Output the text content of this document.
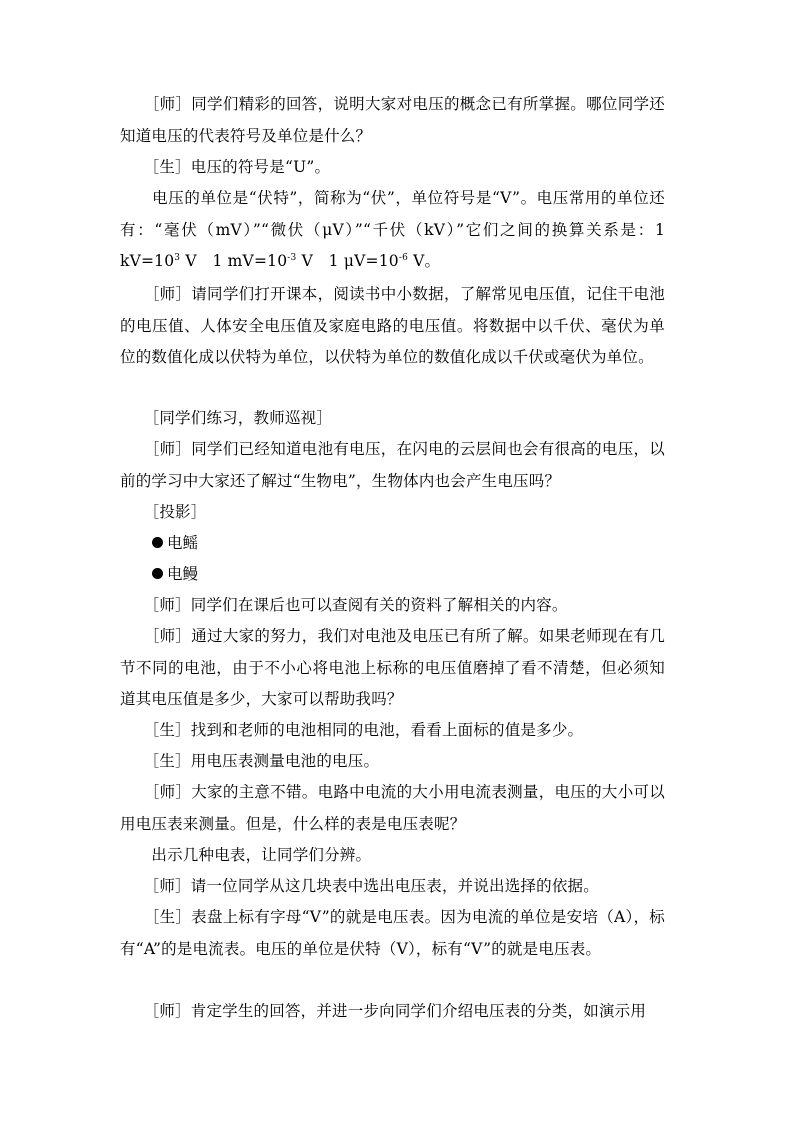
　　［师］同学们精彩的回答，说明大家对电压的概念已有所掌握。哪位同学还知道电压的代表符号及单位是什么？

　　［生］电压的符号是“U”。

　　电压的单位是“伏特”，简称为“伏”，单位符号是“V”。电压常用的单位还有：“毫伏（mV）”“微伏（μV）”“千伏（kV）”它们之间的换算关系是：1 $kV=10^3$ V　1 $mV=10^{-3}$ V　1 $\mu V=10^{-6}$ V。

　　［师］请同学们打开课本，阅读书中小数据，了解常见电压值，记住干电池的电压值、人体安全电压值及家庭电路的电压值。将数据中以千伏、毫伏为单位的数值化成以伏特为单位，以伏特为单位的数值化成以千伏或毫伏为单位。

　　［同学们练习，教师巡视］

　　［师］同学们已经知道电池有电压，在闪电的云层间也会有很高的电压，以前的学习中大家还了解过“生物电”，生物体内也会产生电压吗？

　　［投影］

电鳐
电鳗

　　［师］同学们在课后也可以查阅有关的资料了解相关的内容。

　　［师］通过大家的努力，我们对电池及电压已有所了解。如果老师现在有几节不同的电池，由于不小心将电池上标称的电压值磨掉了看不清楚，但必须知道其电压值是多少，大家可以帮助我吗？

　　［生］找到和老师的电池相同的电池，看看上面标的值是多少。

　　［生］用电压表测量电池的电压。

　　［师］大家的主意不错。电路中电流的大小用电流表测量，电压的大小可以用电压表来测量。但是，什么样的表是电压表呢？

　　出示几种电表，让同学们分辨。

　　［师］请一位同学从这几块表中选出电压表，并说出选择的依据。

　　［生］表盘上标有字母“V”的就是电压表。因为电流的单位是安培（A），标有“A”的是电流表。电压的单位是伏特（V），标有“V”的就是电压表。

　　［师］肯定学生的回答，并进一步向同学们介绍电压表的分类，如演示用
